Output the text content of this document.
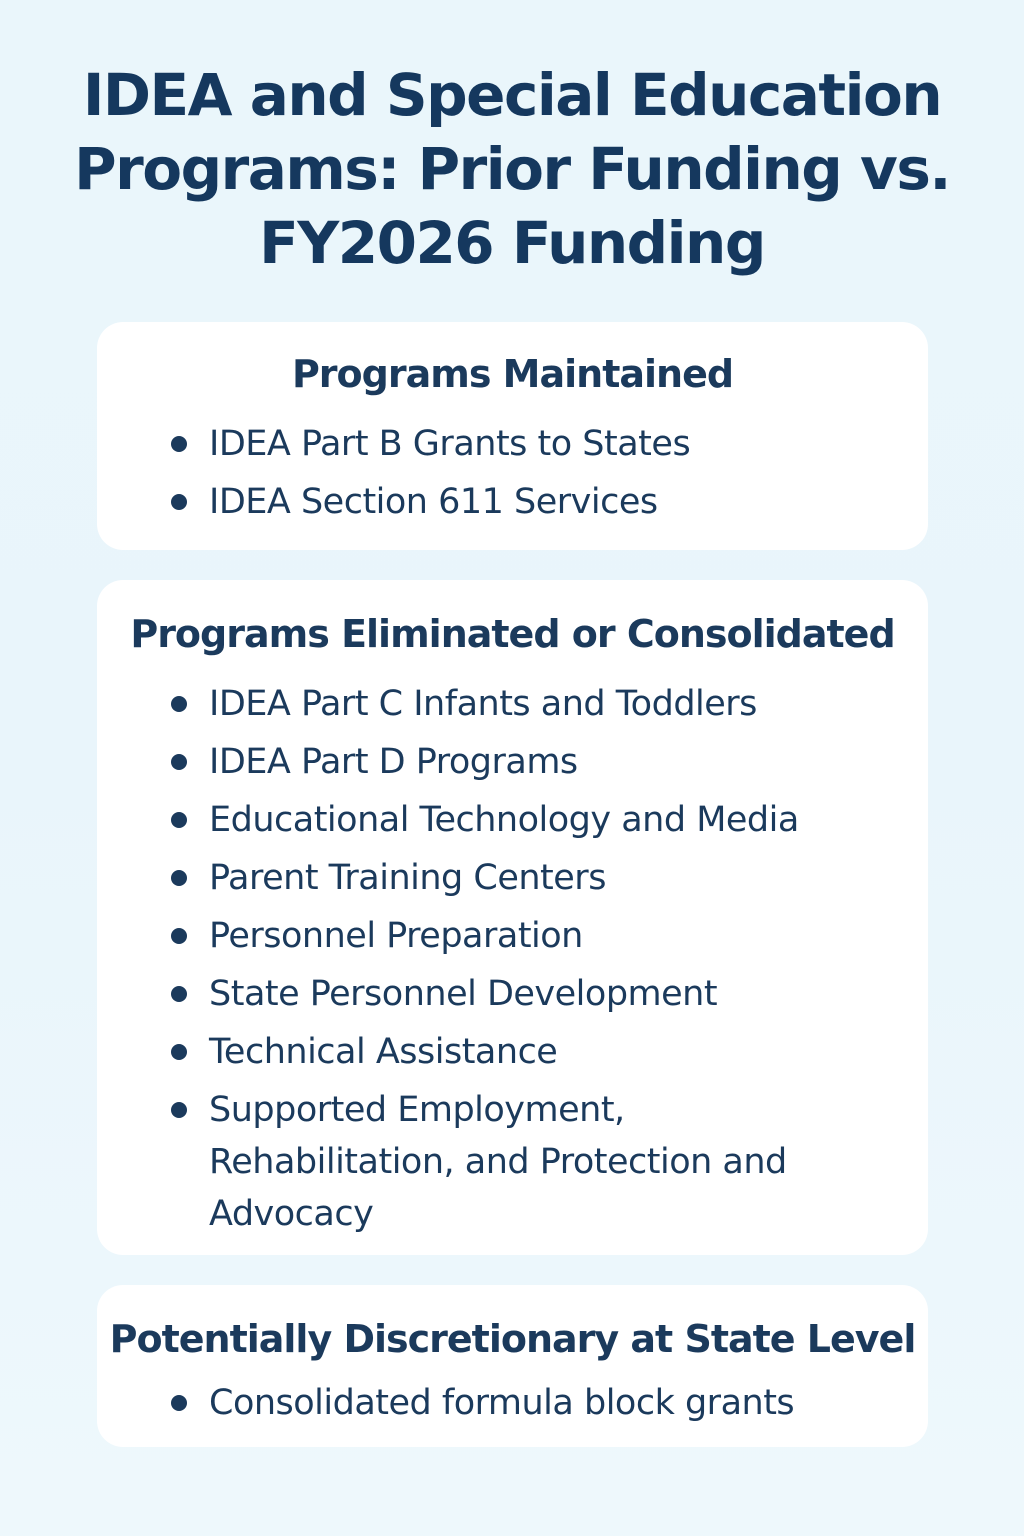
IDEA and Special Education Programs: Prior Funding vs. FY2026 Funding
Programs Maintained
IDEA Part B Grants to States
IDEA Section 611 Services
Programs Eliminated or Consolidated
IDEA Part C Infants and Toddlers
IDEA Part D Programs
Educational Technology and Media
Parent Training Centers
Personnel Preparation
State Personnel Development
Technical Assistance
Supported Employment, Rehabilitation, and Protection and Advocacy
Potentially Discretionary at State Level
Consolidated formula block grants
